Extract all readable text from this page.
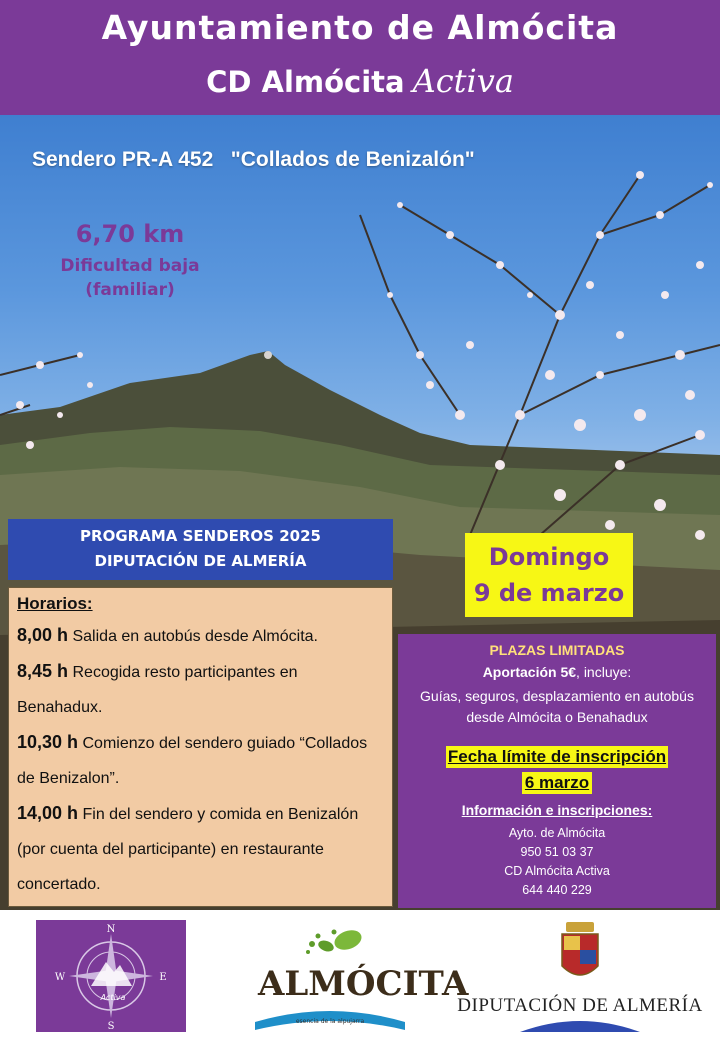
Ayuntamiento de Almócita
CD Almócita Activa
Sendero PR-A 452   "Collados de Benizalón"
6,70 km
Dificultad baja
(familiar)
PROGRAMA SENDEROS 2025
DIPUTACIÓN DE ALMERÍA
Horarios:
8,00 h Salida en autobús desde Almócita.
8,45 h Recogida resto participantes en Benahadux.
10,30 h Comienzo del sendero guiado “Collados de Benizalon”.
14,00 h Fin del sendero y comida en Benizalón (por cuenta del participante) en restaurante concertado.
Domingo
9 de marzo
PLAZAS LIMITADAS
Aportación 5€, incluye:
Guías, seguros, desplazamiento en autobús desde Almócita o Benahadux
Fecha límite de inscripción
6 marzo
Información e inscripciones:
Ayto. de Almócita
950 51 03 37
CD Almócita Activa
644 440 229
N
E
S
W
Activa	ALMÓCITA
esencia de la alpujarra
DIPUTACIÓN DE ALMERÍA
